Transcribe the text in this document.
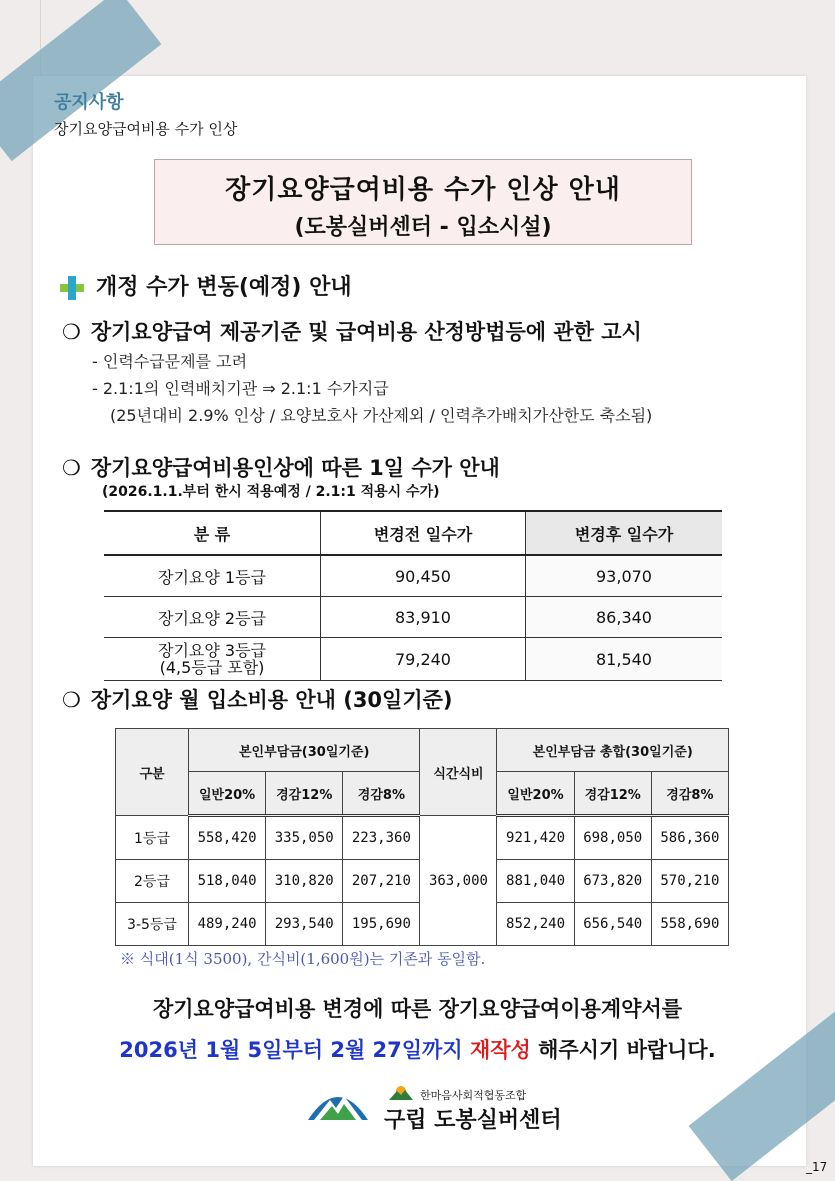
공지사항
장기요양급여비용 수가 인상
장기요양급여비용 수가 인상 안내
(도봉실버센터 - 입소시설)
개정 수가 변동(예정) 안내
❍ 장기요양급여 제공기준 및 급여비용 산정방법등에 관한 고시
- 인력수급문제를 고려
- 2.1:1의 인력배치기관 ⇒ 2.1:1 수가지급
(25년대비 2.9% 인상 / 요양보호사 가산제외 / 인력추가배치가산한도 축소됨)
❍ 장기요양급여비용인상에 따른 1일 수가 안내
(2026.1.1.부터 한시 적용예정 / 2.1:1 적용시 수가)
분 류	변경전 일수가	변경후 일수가
장기요양 1등급	90,450	93,070
장기요양 2등급	83,910	86,340
장기요양 3등급
(4,5등급 포함)	79,240	81,540
❍ 장기요양 월 입소비용 안내 (30일기준)
구분	본인부담금(30일기준)			식간식비	본인부담금 총합(30일기준)		
	일반20%	경감12%	경감8%		일반20%	경감12%	경감8%
1등급	558,420	335,050	223,360	363,000	921,420	698,050	586,360
2등급	518,040	310,820	207,210		881,040	673,820	570,210
3-5등급	489,240	293,540	195,690		852,240	656,540	558,690
※ 식대(1식 3500), 간식비(1,600원)는 기존과 동일함.
장기요양급여비용 변경에 따른 장기요양급여이용계약서를
2026년 1월 5일부터 2월 27일까지 재작성 해주시기 바랍니다.
한마음사회적협동조합
구립 도봉실버센터
_17
